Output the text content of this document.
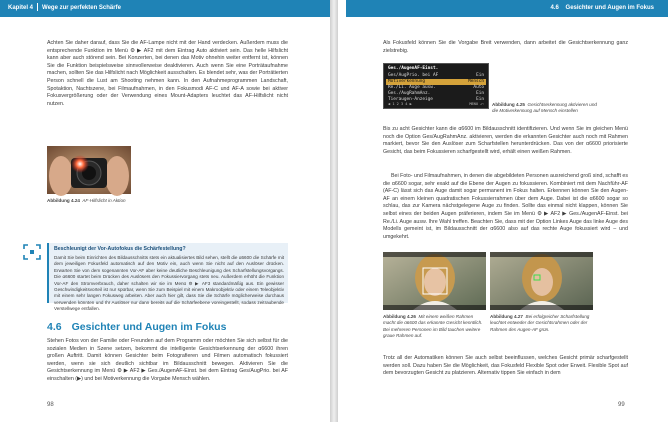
Kapitel 4 Wege zur perfekten Schärfe

Achten Sie daher darauf, dass Sie die AF-Lampe nicht mit der Hand verdecken. Außerdem muss die entsprechende Funktion im Menü ⚙ ▶ AF2 mit dem Eintrag Auto aktiviert sein. Das helle Hilfslicht kann aber auch störend sein. Bei Konzerten, bei denen das Motiv ohnehin weiter entfernt ist, können Sie die Funktion beispielsweise sinnvollerweise deaktivieren. Auch wenn Sie eine Porträtaufnahme machen, sollten Sie das Hilfslicht nach Möglichkeit ausschalten. Es blendet sehr, was der Porträtierten Person schnell die Lust am Shooting nehmen kann. In den Aufnahmeprogrammen Landschaft, Spotaktion, Nachtszene, bei Filmaufnahmen, in den Fokusmodi AF-C und AF-A sowie bei aktiver Fokusvergrößerung oder der Verwendung eines Mount-Adapters leuchtet das AF-Hilfslicht nicht nutzen.

Abbildung 4.24 AF-Hilfslicht in Aktion
Beschleunigt der Vor-Autofokus die Schärfestellung?
Damit Sie beim Einrichten des Bildausschnitts stets ein aktualisiertes Bild sehen, stellt die α6600 die Schärfe mit dem jeweiligen Fokusfeld automatisch auf den Motiv ein, auch wenn Sie nicht auf den Auslöser drücken. Erwarten Sie von dem sogenannten Vor-AF aber keine deutliche Beschleunigung des Scharfstellungsvorgangs. Die α6600 startet beim Drücken des Auslösers den Fokussiervorgang stets neu. Außerdem erhöht die Funktion Vor-AF den Stromverbrauch, daher schalten wir sie im Menü ⚙ ▶ AF3 standardmäßig aus. Ein gewisser Geschwindigkeitsvorteil ist nur spürbar, wenn Sie zum Beispiel mit einem Makroobjektiv oder einem Teleobjektiv mit einem sehr langen Fokusweg arbeiten. Aber auch hier gilt, dass Sie die Schärfe möglicherweise durchaus verwenden könnten und Ihr Auslöser nur dann bereits auf die Schärfeebene voreingestellt, sodass zeitraubende Verstellwege entfallen.
4.6 Gesichter und Augen im Fokus

Stehen Fotos von der Familie oder Freunden auf dem Programm oder möchten Sie sich selbst für die sozialen Medien in Szene setzen, bekommt die intelligente Gesichtserkennung der α6600 ihren großen Auftritt. Damit können Gesichter beim Fotografieren und Filmen automatisch fokussiert werden, wenn sie sich deutlich sichtbar im Bildausschnitt bewegen. Aktivieren Sie die Gesichtserkennung im Menü ⚙ ▶ AF2 ▶ Ges./AugenAF-Einst. bei dem Eintrag Ges/AugPrio. bei AF einschalten (▶) und bei Motiverkennung die Vorgabe Mensch wählen.

98
4.6 Gesichter und Augen im Fokus

Als Fokusfeld können Sie die Vorgabe Breit verwenden, dann arbeitet die Gesichtserkennung ganz zielstrebig.

Ges./AugenAF-Einst.
Ges/AugPrio. bei AF	Ein
Motiverkennung	Mensch
Re./Li. Auge ausw.	Auto
Ges./AugRahmAnz.	Ein
Tieraugen-Anzeige	Ein
◀ 1 2 3 4 ▶	MENU ⤺ Abbildung 4.25 Gesichtserkennung aktivieren und die Motiverkennung auf Mensch einstellen

Bis zu acht Gesichter kann die α6600 im Bildausschnitt identifizieren. Und wenn Sie im gleichen Menü noch die Option Ges/AugRahmAnz. aktivieren, werden die erkannten Gesichter auch noch mit Rahmen markiert, bevor Sie den Auslöser zum Scharfstellen herunterdrücken. Das von der α6600 priorisierte Gesicht, das beim Fokussieren scharfgestellt wird, erhält einen weißen Rahmen.

Bei Foto- und Filmaufnahmen, in denen die abgebildeten Personen ausreichend groß sind, schafft es die α6600 sogar, sehr exakt auf die Ebene der Augen zu fokussieren. Kombiniert mit dem Nachführ-AF (AF-C) lässt sich das Auge damit sogar permanent im Fokus halten. Erkennen können Sie den Augen-AF an einem kleinen quadratischen Fokussierrahmen über dem Auge. Dabei ist die α6600 sogar so schlau, das zur Kamera nächstgelegene Auge zu finden. Sollte das einmal nicht klappen, können Sie selbst eines der beiden Augen präferieren, indem Sie im Menü ⚙ ▶ AF2 ▶ Ges./AugenAF-Einst. bei Re./Li. Auge ausw. Ihre Wahl treffen. Beachten Sie, dass mit der Option Linkes Auge das linke Auge des Modells gemeint ist, im Bildausschnitt der α6600 also auf das rechte Auge fokussiert wird – und umgekehrt.

Abbildung 4.26 Mit einem weißen Rahmen macht die α6600 das erkannte Gesicht kenntlich. Bei mehreren Personen im Bild tauchen weitere graue Rahmen auf.
Abbildung 4.27 Bei erfolgreicher Scharfstellung leuchtet entweder der Gesichtsrahmen oder der Rahmen des Augen-AF grün.

Trotz all der Automatiken können Sie auch selbst beeinflussen, welches Gesicht primär scharfgestellt werden soll. Dazu haben Sie die Möglichkeit, das Fokusfeld Flexible Spot oder Erweit. Flexible Spot auf dem bevorzugten Gesicht zu platzieren. Alternativ tippen Sie einfach in dem

99
